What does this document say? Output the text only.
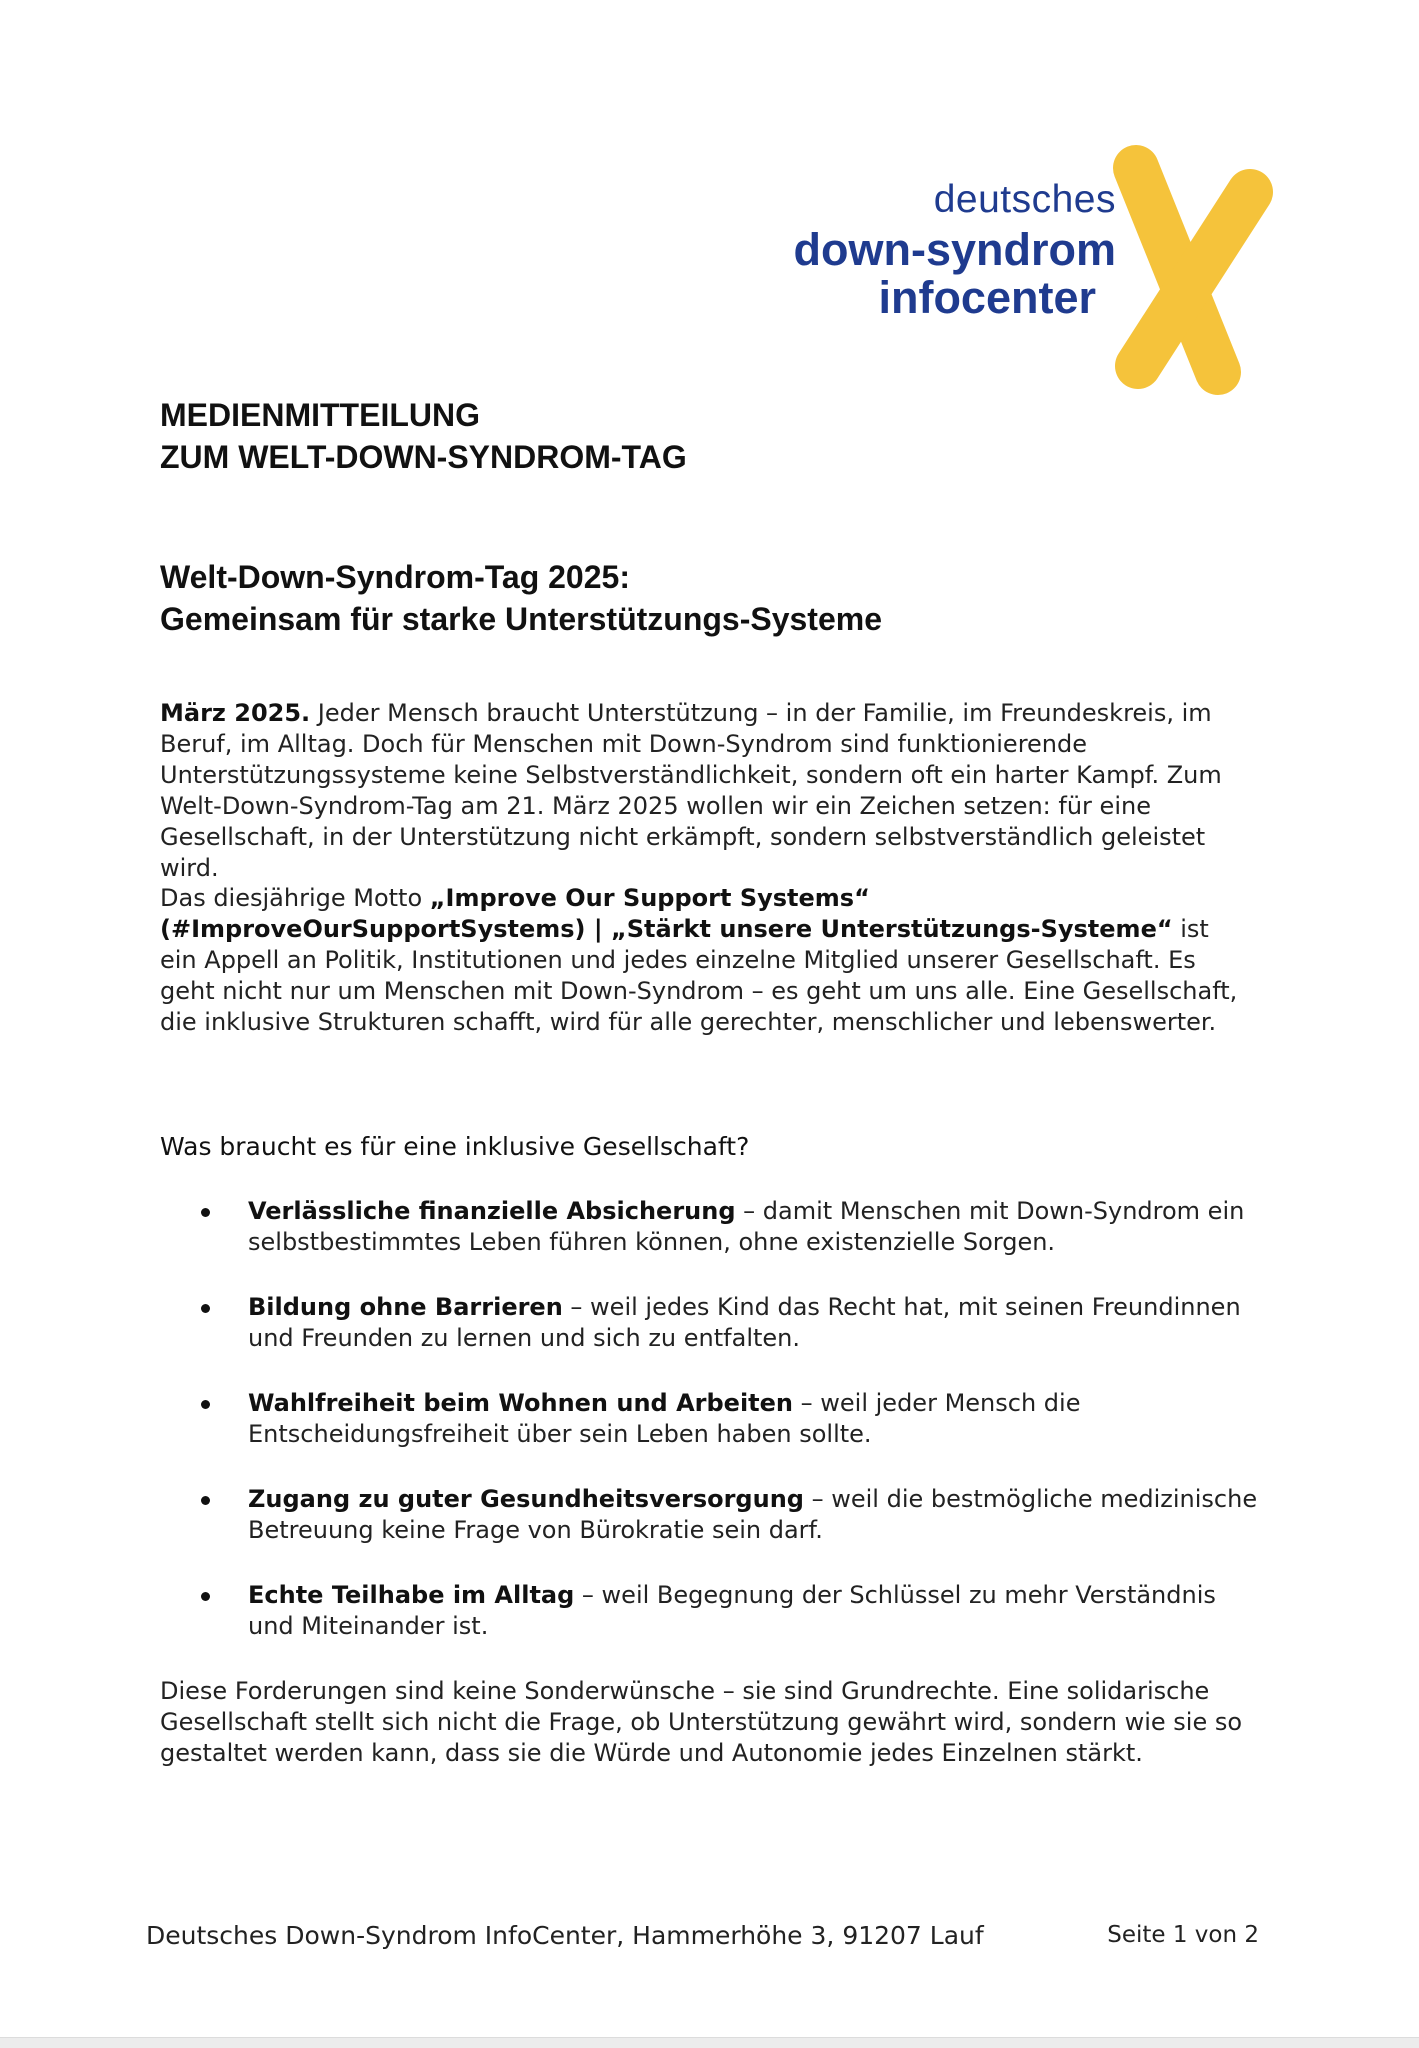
deutsches
down-syndrom
infocenter
MEDIENMITTEILUNG
ZUM WELT-DOWN-SYNDROM-TAG
Welt-Down-Syndrom-Tag 2025:
Gemeinsam für starke Unterstützungs-Systeme

März 2025. Jeder Mensch braucht Unterstützung – in der Familie, im Freundeskreis, im Beruf, im Alltag. Doch für Menschen mit Down-Syndrom sind funktionierende Unterstützungssysteme keine Selbstverständlichkeit, sondern oft ein harter Kampf. Zum Welt-Down-Syndrom-Tag am 21. März 2025 wollen wir ein Zeichen setzen: für eine Gesellschaft, in der Unterstützung nicht erkämpft, sondern selbstverständlich geleistet wird.

Das diesjährige Motto „Improve Our Support Systems“ (#ImproveOurSupportSystems) | „Stärkt unsere Unterstützungs-Systeme“ ist ein Appell an Politik, Institutionen und jedes einzelne Mitglied unserer Gesellschaft. Es geht nicht nur um Menschen mit Down-Syndrom – es geht um uns alle. Eine Gesellschaft, die inklusive Strukturen schafft, wird für alle gerechter, menschlicher und lebenswerter.

Was braucht es für eine inklusive Gesellschaft?
Verlässliche finanzielle Absicherung – damit Menschen mit Down-Syndrom ein selbstbestimmtes Leben führen können, ohne existenzielle Sorgen.
Bildung ohne Barrieren – weil jedes Kind das Recht hat, mit seinen Freundinnen und Freunden zu lernen und sich zu entfalten.
Wahlfreiheit beim Wohnen und Arbeiten – weil jeder Mensch die Entscheidungsfreiheit über sein Leben haben sollte.
Zugang zu guter Gesundheitsversorgung – weil die bestmögliche medizinische Betreuung keine Frage von Bürokratie sein darf.
Echte Teilhabe im Alltag – weil Begegnung der Schlüssel zu mehr Verständnis und Miteinander ist.

Diese Forderungen sind keine Sonderwünsche – sie sind Grundrechte. Eine solidarische Gesellschaft stellt sich nicht die Frage, ob Unterstützung gewährt wird, sondern wie sie so gestaltet werden kann, dass sie die Würde und Autonomie jedes Einzelnen stärkt.

Deutsches Down-Syndrom InfoCenter, Hammerhöhe 3, 91207 Lauf	Seite 1 von 2
